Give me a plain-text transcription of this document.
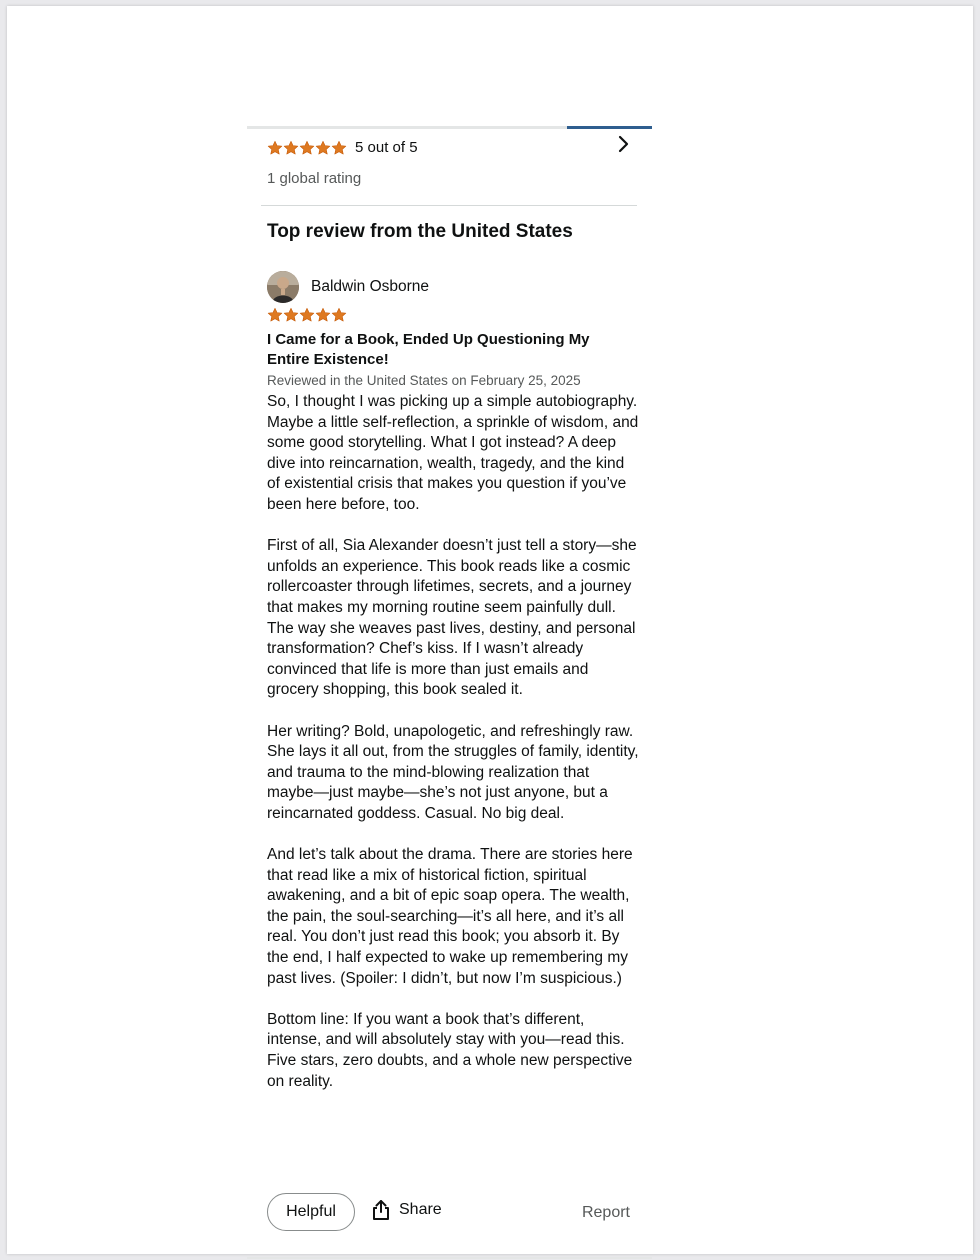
5 out of 5
1 global rating
Top review from the United States
Baldwin Osborne
I Came for a Book, Ended Up Questioning My Entire Existence!
Reviewed in the United States on February 25, 2025

So, I thought I was picking up a simple autobiography. Maybe a little self-reflection, a sprinkle of wisdom, and some good storytelling. What I got instead? A deep dive into reincarnation, wealth, tragedy, and the kind of existential crisis that makes you question if you’ve been here before, too.

First of all, Sia Alexander doesn’t just tell a story—she unfolds an experience. This book reads like a cosmic rollercoaster through lifetimes, secrets, and a journey that makes my morning routine seem painfully dull. The way she weaves past lives, destiny, and personal transformation? Chef’s kiss. If I wasn’t already convinced that life is more than just emails and grocery shopping, this book sealed it.

Her writing? Bold, unapologetic, and refreshingly raw. She lays it all out, from the struggles of family, identity, and trauma to the mind-blowing realization that maybe—just maybe—she’s not just anyone, but a reincarnated goddess. Casual. No big deal.

And let’s talk about the drama. There are stories here that read like a mix of historical fiction, spiritual awakening, and a bit of epic soap opera. The wealth, the pain, the soul-searching—it’s all here, and it’s all real. You don’t just read this book; you absorb it. By the end, I half expected to wake up remembering my past lives. (Spoiler: I didn’t, but now I’m suspicious.)

Bottom line: If you want a book that’s different, intense, and will absolutely stay with you—read this. Five stars, zero doubts, and a whole new perspective on reality.

Helpful	Share	Report
